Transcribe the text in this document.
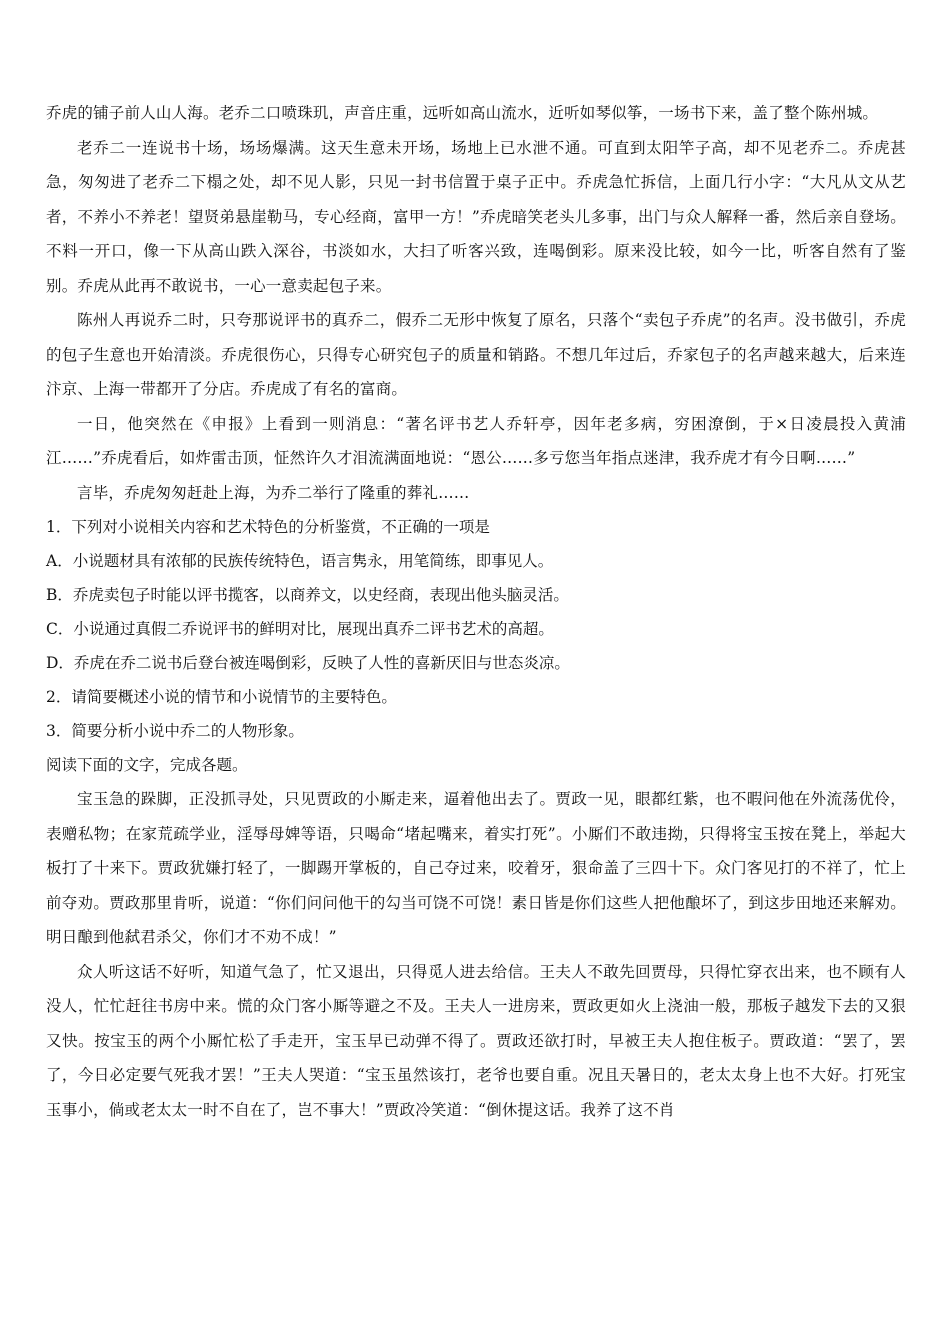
乔虎的铺子前人山人海。老乔二口喷珠玑，声音庄重，远听如高山流水，近听如琴似筝，一场书下来，盖了整个陈州城。

老乔二一连说书十场，场场爆满。这天生意未开场，场地上已水泄不通。可直到太阳竿子高，却不见老乔二。乔虎甚急，匆匆进了老乔二下榻之处，却不见人影，只见一封书信置于桌子正中。乔虎急忙拆信，上面几行小字：“大凡从文从艺者，不养小不养老！望贤弟悬崖勒马，专心经商，富甲一方！”乔虎暗笑老头儿多事，出门与众人解释一番，然后亲自登场。不料一开口，像一下从高山跌入深谷，书淡如水，大扫了听客兴致，连喝倒彩。原来没比较，如今一比，听客自然有了鉴别。乔虎从此再不敢说书，一心一意卖起包子来。

陈州人再说乔二时，只夸那说评书的真乔二，假乔二无形中恢复了原名，只落个“卖包子乔虎”的名声。没书做引，乔虎的包子生意也开始清淡。乔虎很伤心，只得专心研究包子的质量和销路。不想几年过后，乔家包子的名声越来越大，后来连汴京、上海一带都开了分店。乔虎成了有名的富商。

一日，他突然在《申报》上看到一则消息：“著名评书艺人乔轩亭，因年老多病，穷困潦倒，于×日凌晨投入黄浦江……”乔虎看后，如炸雷击顶，怔然许久才泪流满面地说：“恩公……多亏您当年指点迷津，我乔虎才有今日啊……”

言毕，乔虎匆匆赶赴上海，为乔二举行了隆重的葬礼……

1．下列对小说相关内容和艺术特色的分析鉴赏，不正确的一项是

A．小说题材具有浓郁的民族传统特色，语言隽永，用笔简练，即事见人。

B．乔虎卖包子时能以评书揽客，以商养文，以史经商，表现出他头脑灵活。

C．小说通过真假二乔说评书的鲜明对比，展现出真乔二评书艺术的高超。

D．乔虎在乔二说书后登台被连喝倒彩，反映了人性的喜新厌旧与世态炎凉。

2．请简要概述小说的情节和小说情节的主要特色。

3．简要分析小说中乔二的人物形象。

阅读下面的文字，完成各题。

宝玉急的跺脚，正没抓寻处，只见贾政的小厮走来，逼着他出去了。贾政一见，眼都红紫，也不暇问他在外流荡优伶，表赠私物；在家荒疏学业，淫辱母婢等语，只喝命“堵起嘴来，着实打死”。小厮们不敢违拗，只得将宝玉按在凳上，举起大板打了十来下。贾政犹嫌打轻了，一脚踢开掌板的，自己夺过来，咬着牙，狠命盖了三四十下。众门客见打的不祥了，忙上前夺劝。贾政那里肯听，说道：“你们问问他干的勾当可饶不可饶！素日皆是你们这些人把他酿坏了，到这步田地还来解劝。明日酿到他弑君杀父，你们才不劝不成！”

众人听这话不好听，知道气急了，忙又退出，只得觅人进去给信。王夫人不敢先回贾母，只得忙穿衣出来，也不顾有人没人，忙忙赶往书房中来。慌的众门客小厮等避之不及。王夫人一进房来，贾政更如火上浇油一般，那板子越发下去的又狠又快。按宝玉的两个小厮忙松了手走开，宝玉早已动弹不得了。贾政还欲打时，早被王夫人抱住板子。贾政道：“罢了，罢了，今日必定要气死我才罢！”王夫人哭道：“宝玉虽然该打，老爷也要自重。况且天暑日的，老太太身上也不大好。打死宝玉事小，倘或老太太一时不自在了，岂不事大！”贾政冷笑道：“倒休提这话。我养了这不肖
